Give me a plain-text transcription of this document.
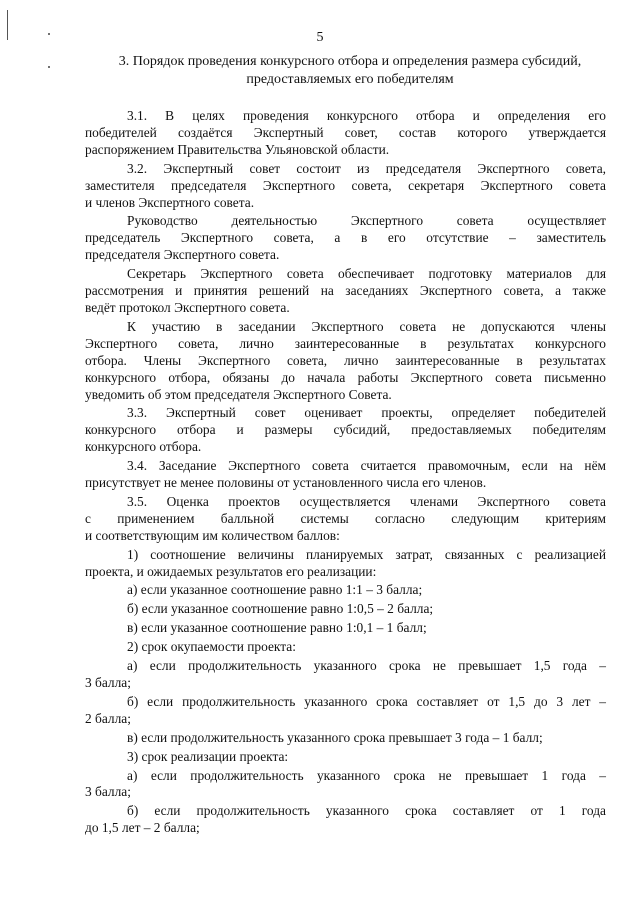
5
3. Порядок проведения конкурсного отбора и определения размера субсидий,
предоставляемых его победителям

3.1. В целях проведения конкурсного отбора и определения его
победителей создаётся Экспертный совет, состав которого утверждается
распоряжением Правительства Ульяновской области.

3.2. Экспертный совет состоит из председателя Экспертного совета,
заместителя председателя Экспертного совета, секретаря Экспертного совета
и членов Экспертного совета.

Руководство деятельностью Экспертного совета осуществляет
председатель Экспертного совета, а в его отсутствие – заместитель
председателя Экспертного совета.

Секретарь Экспертного совета обеспечивает подготовку материалов для
рассмотрения и принятия решений на заседаниях Экспертного совета, а также
ведёт протокол Экспертного совета.

К участию в заседании Экспертного совета не допускаются члены
Экспертного совета, лично заинтересованные в результатах конкурсного
отбора. Члены Экспертного совета, лично заинтересованные в результатах
конкурсного отбора, обязаны до начала работы Экспертного совета письменно
уведомить об этом председателя Экспертного Совета.

3.3. Экспертный совет оценивает проекты, определяет победителей
конкурсного отбора и размеры субсидий, предоставляемых победителям
конкурсного отбора.

3.4. Заседание Экспертного совета считается правомочным, если на нём
присутствует не менее половины от установленного числа его членов.

3.5. Оценка проектов осуществляется членами Экспертного совета
с применением балльной системы согласно следующим критериям
и соответствующим им количеством баллов:

1) соотношение величины планируемых затрат, связанных с реализацией
проекта, и ожидаемых результатов его реализации:

а) если указанное соотношение равно 1:1 – 3 балла;

б) если указанное соотношение равно 1:0,5 – 2 балла;

в) если указанное соотношение равно 1:0,1 – 1 балл;

2) срок окупаемости проекта:

а) если продолжительность указанного срока не превышает 1,5 года –
3 балла;

б) если продолжительность указанного срока составляет от 1,5 до 3 лет –
2 балла;

в) если продолжительность указанного срока превышает 3 года – 1 балл;

3) срок реализации проекта:

а) если продолжительность указанного срока не превышает 1 года –
3 балла;

б) если продолжительность указанного срока составляет от 1 года
до 1,5 лет – 2 балла;
